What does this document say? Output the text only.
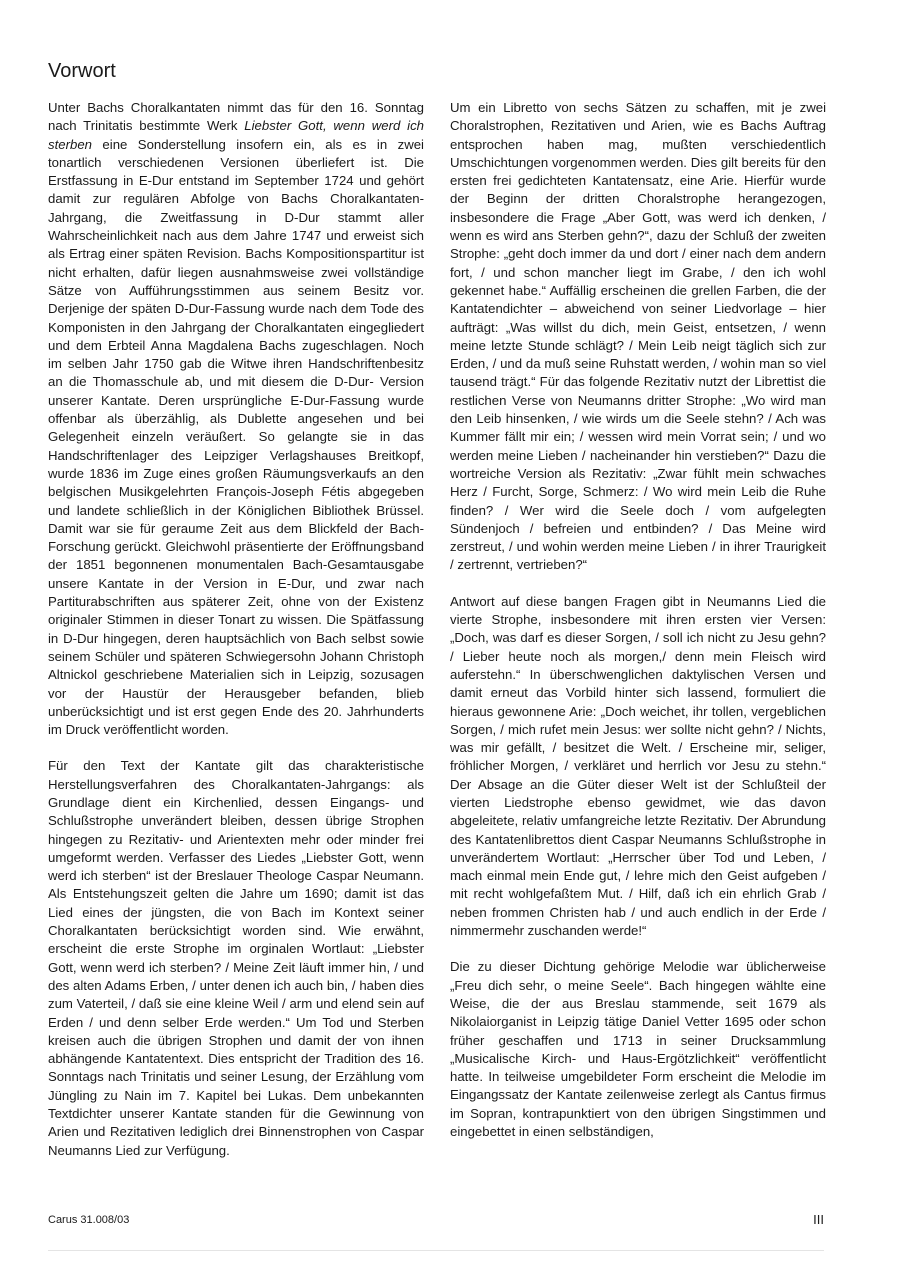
Vorwort

Unter Bachs Choralkantaten nimmt das für den 16. Sonntag nach Trinitatis bestimmte Werk Liebster Gott, wenn werd ich sterben eine Sonderstellung insofern ein, als es in zwei tonartlich verschiedenen Versionen überliefert ist. Die Erstfassung in E-Dur entstand im September 1724 und gehört damit zur regulären Abfolge von Bachs Choralkantaten-Jahrgang, die Zweitfassung in D-Dur stammt aller Wahrscheinlichkeit nach aus dem Jahre 1747 und erweist sich als Ertrag einer späten Revision. Bachs Kompositionspartitur ist nicht erhalten, dafür liegen ausnahmsweise zwei vollständige Sätze von Aufführungsstimmen aus seinem Besitz vor. Derjenige der späten D-Dur-Fassung wurde nach dem Tode des Komponisten in den Jahrgang der Choralkantaten eingegliedert und dem Erbteil Anna Magdalena Bachs zugeschlagen. Noch im selben Jahr 1750 gab die Witwe ihren Handschriftenbesitz an die Thomasschule ab, und mit diesem die D-Dur- Version unserer Kantate. Deren ursprüngliche E-Dur-Fassung wurde offenbar als überzählig, als Dublette angesehen und bei Gelegenheit einzeln veräußert. So gelangte sie in das Handschriftenlager des Leipziger Verlagshauses Breitkopf, wurde 1836 im Zuge eines großen Räumungsverkaufs an den belgischen Musikgelehrten François-Joseph Fétis abgegeben und landete schließlich in der Königlichen Bibliothek Brüssel. Damit war sie für geraume Zeit aus dem Blickfeld der Bach-Forschung gerückt. Gleichwohl präsentierte der Eröffnungsband der 1851 begonnenen monumentalen Bach-Gesamtausgabe unsere Kantate in der Version in E-Dur, und zwar nach Partiturabschriften aus späterer Zeit, ohne von der Existenz originaler Stimmen in dieser Tonart zu wissen. Die Spätfassung in D-Dur hingegen, deren hauptsächlich von Bach selbst sowie seinem Schüler und späteren Schwiegersohn Johann Christoph Altnickol geschriebene Materialien sich in Leipzig, sozusagen vor der Haustür der Herausgeber befanden, blieb unberücksichtigt und ist erst gegen Ende des 20. Jahrhunderts im Druck veröffentlicht worden.

Für den Text der Kantate gilt das charakteristische Herstellungsverfahren des Choralkantaten-Jahrgangs: als Grundlage dient ein Kirchenlied, dessen Eingangs- und Schlußstrophe unverändert bleiben, dessen übrige Strophen hingegen zu Rezitativ- und Arientexten mehr oder minder frei umgeformt werden. Verfasser des Liedes „Liebster Gott, wenn werd ich sterben“ ist der Breslauer Theologe Caspar Neumann. Als Entstehungszeit gelten die Jahre um 1690; damit ist das Lied eines der jüngsten, die von Bach im Kontext seiner Choralkantaten berücksichtigt worden sind. Wie erwähnt, erscheint die erste Strophe im orginalen Wortlaut: „Liebster Gott, wenn werd ich sterben? / Meine Zeit läuft immer hin, / und des alten Adams Erben, / unter denen ich auch bin, / haben dies zum Vaterteil, / daß sie eine kleine Weil / arm und elend sein auf Erden / und denn selber Erde werden.“ Um Tod und Sterben kreisen auch die übrigen Strophen und damit der von ihnen abhängende Kantatentext. Dies entspricht der Tradition des 16. Sonntags nach Trinitatis und seiner Lesung, der Erzählung vom Jüngling zu Nain im 7. Kapitel bei Lukas. Dem unbekannten Textdichter unserer Kantate standen für die Gewinnung von Arien und Rezitativen lediglich drei Binnenstrophen von Caspar Neumanns Lied zur Verfügung.

Um ein Libretto von sechs Sätzen zu schaffen, mit je zwei Choralstrophen, Rezitativen und Arien, wie es Bachs Auftrag entsprochen haben mag, mußten verschiedentlich Umschichtungen vorgenommen werden. Dies gilt bereits für den ersten frei gedichteten Kantatensatz, eine Arie. Hierfür wurde der Beginn der dritten Choralstrophe herangezogen, insbesondere die Frage „Aber Gott, was werd ich denken, / wenn es wird ans Sterben gehn?“, dazu der Schluß der zweiten Strophe: „geht doch immer da und dort / einer nach dem andern fort, / und schon mancher liegt im Grabe, / den ich wohl gekennet habe.“ Auffällig erscheinen die grellen Farben, die der Kantatendichter – abweichend von seiner Liedvorlage – hier aufträgt: „Was willst du dich, mein Geist, entsetzen, / wenn meine letzte Stunde schlägt? / Mein Leib neigt täglich sich zur Erden, / und da muß seine Ruhstatt werden, / wohin man so viel tausend trägt.“ Für das folgende Rezitativ nutzt der Librettist die restlichen Verse von Neumanns dritter Strophe: „Wo wird man den Leib hinsenken, / wie wirds um die Seele stehn? / Ach was Kummer fällt mir ein; / wessen wird mein Vorrat sein; / und wo werden meine Lieben / nacheinander hin verstieben?“ Dazu die wortreiche Version als Rezitativ: „Zwar fühlt mein schwaches Herz / Furcht, Sorge, Schmerz: / Wo wird mein Leib die Ruhe finden? / Wer wird die Seele doch / vom aufgelegten Sündenjoch / befreien und entbinden? / Das Meine wird zerstreut, / und wohin werden meine Lieben / in ihrer Traurigkeit / zertrennt, vertrieben?“

Antwort auf diese bangen Fragen gibt in Neumanns Lied die vierte Strophe, insbesondere mit ihren ersten vier Versen: „Doch, was darf es dieser Sorgen, / soll ich nicht zu Jesu gehn? / Lieber heute noch als morgen,/ denn mein Fleisch wird auferstehn.“ In überschwenglichen daktylischen Versen und damit erneut das Vorbild hinter sich lassend, formuliert die hieraus gewonnene Arie: „Doch weichet, ihr tollen, vergeblichen Sorgen, / mich rufet mein Jesus: wer sollte nicht gehn? / Nichts, was mir gefällt, / besitzet die Welt. / Erscheine mir, seliger, fröhlicher Morgen, / verkläret und herrlich vor Jesu zu stehn.“ Der Absage an die Güter dieser Welt ist der Schlußteil der vierten Liedstrophe ebenso gewidmet, wie das davon abgeleitete, relativ umfangreiche letzte Rezitativ. Der Abrundung des Kantatenlibrettos dient Caspar Neumanns Schlußstrophe in unverändertem Wortlaut: „Herrscher über Tod und Leben, / mach einmal mein Ende gut, / lehre mich den Geist aufgeben / mit recht wohlgefaßtem Mut. / Hilf, daß ich ein ehrlich Grab / neben frommen Christen hab / und auch endlich in der Erde / nimmermehr zuschanden werde!“

Die zu dieser Dichtung gehörige Melodie war üblicherweise „Freu dich sehr, o meine Seele“. Bach hingegen wählte eine Weise, die der aus Breslau stammende, seit 1679 als Nikolaiorganist in Leipzig tätige Daniel Vetter 1695 oder schon früher geschaffen und 1713 in seiner Drucksammlung „Musicalische Kirch- und Haus-Ergötzlichkeit“ veröffentlicht hatte. In teilweise umgebildeter Form erscheint die Melodie im Eingangssatz der Kantate zeilenweise zerlegt als Cantus firmus im Sopran, kontrapunktiert von den übrigen Singstimmen und eingebettet in einen selbständigen,

Carus 31.008/03	III
